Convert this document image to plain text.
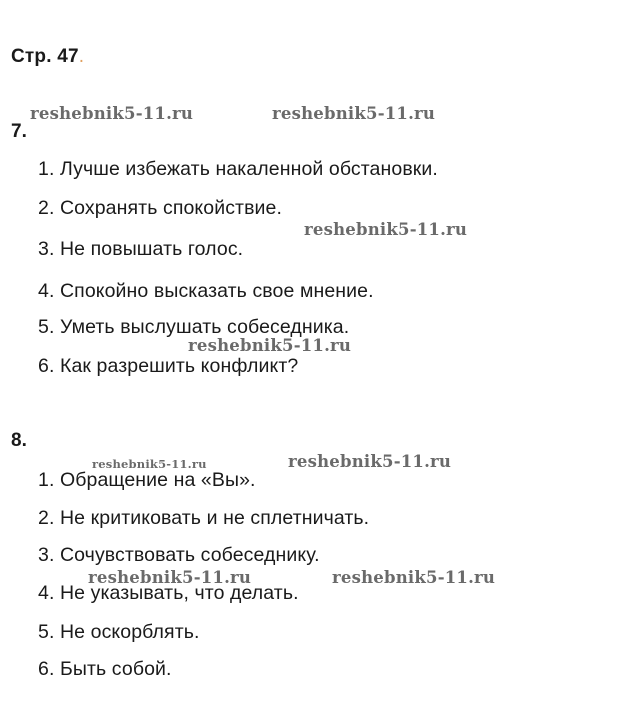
Стр. 47.
7.
1. Лучше избежать накаленной обстановки.
2. Сохранять спокойствие.
3. Не повышать голос.
4. Спокойно высказать свое мнение.
5. Уметь выслушать собеседника.
6. Как разрешить конфликт?
8.
1. Обращение на «Вы».
2. Не критиковать и не сплетничать.
3. Сочувствовать собеседнику.
4. Не указывать, что делать.
5. Не оскорблять.
6. Быть собой.
reshebnik5-11.ru	reshebnik5-11.ru
reshebnik5-11.ru
reshebnik5-11.ru
reshebnik5-11.ru	reshebnik5-11.ru
reshebnik5-11.ru	reshebnik5-11.ru
